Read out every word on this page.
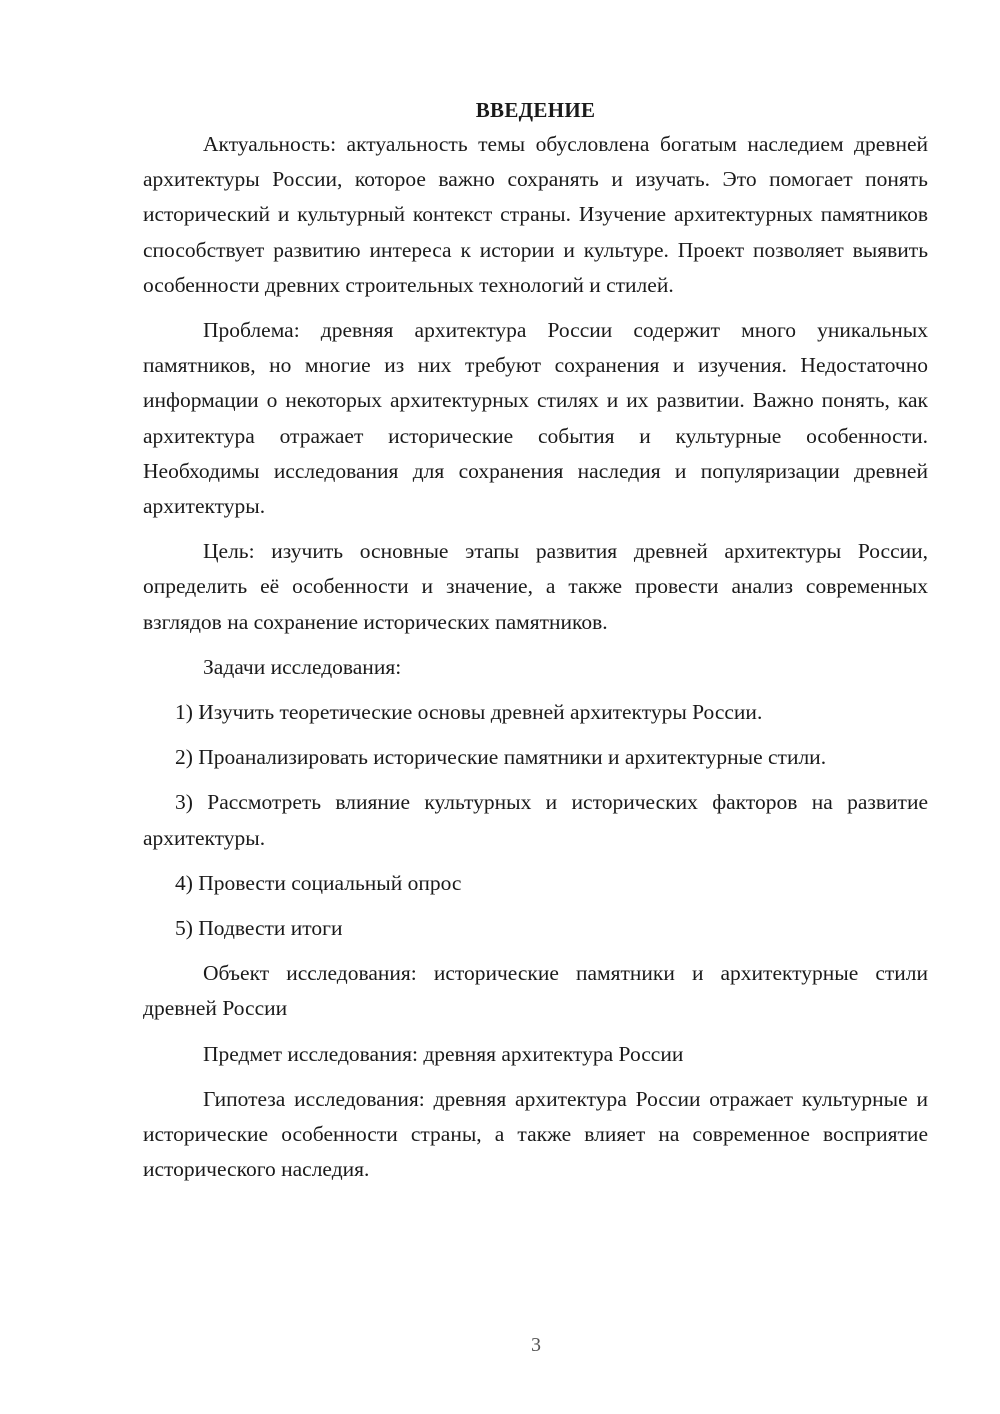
ВВЕДЕНИЕ

Актуальность: актуальность темы обусловлена богатым наследием древней архитектуры России, которое важно сохранять и изучать. Это помогает понять исторический и культурный контекст страны. Изучение архитектурных памятников способствует развитию интереса к истории и культуре. Проект позволяет выявить особенности древних строительных технологий и стилей.

Проблема: древняя архитектура России содержит много уникальных памятников, но многие из них требуют сохранения и изучения. Недостаточно информации о некоторых архитектурных стилях и их развитии. Важно понять, как архитектура отражает исторические события и культурные особенности. Необходимы исследования для сохранения наследия и популяризации древней архитектуры.

Цель: изучить основные этапы развития древней архитектуры России, определить её особенности и значение, а также провести анализ современных взглядов на сохранение исторических памятников.

Задачи исследования:

1) Изучить теоретические основы древней архитектуры России.

2) Проанализировать исторические памятники и архитектурные стили.

3) Рассмотреть влияние культурных и исторических факторов на развитие архитектуры.

4) Провести социальный опрос

5) Подвести итоги

Объект исследования: исторические памятники и архитектурные стили древней России

Предмет исследования: древняя архитектура России

Гипотеза исследования: древняя архитектура России отражает культурные и исторические особенности страны, а также влияет на современное восприятие исторического наследия.

3
